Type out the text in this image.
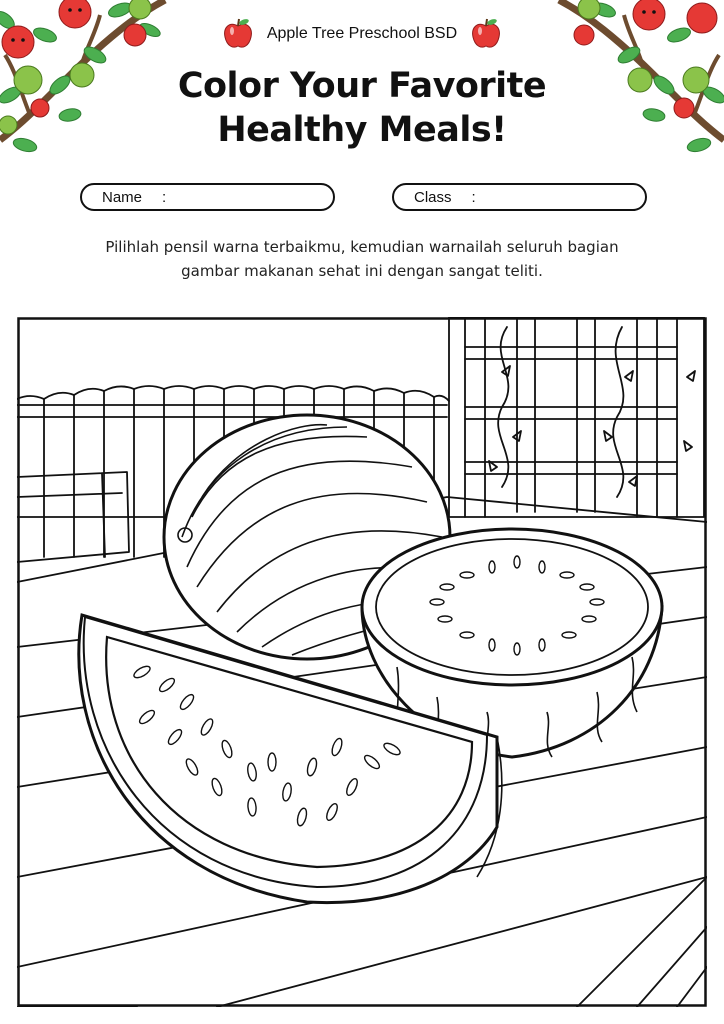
Apple Tree Preschool BSD
Color Your Favorite
Healthy Meals!
Name :	Class :
Pilihlah pensil warna terbaikmu, kemudian warnailah seluruh bagian
gambar makanan sehat ini dengan sangat teliti.
